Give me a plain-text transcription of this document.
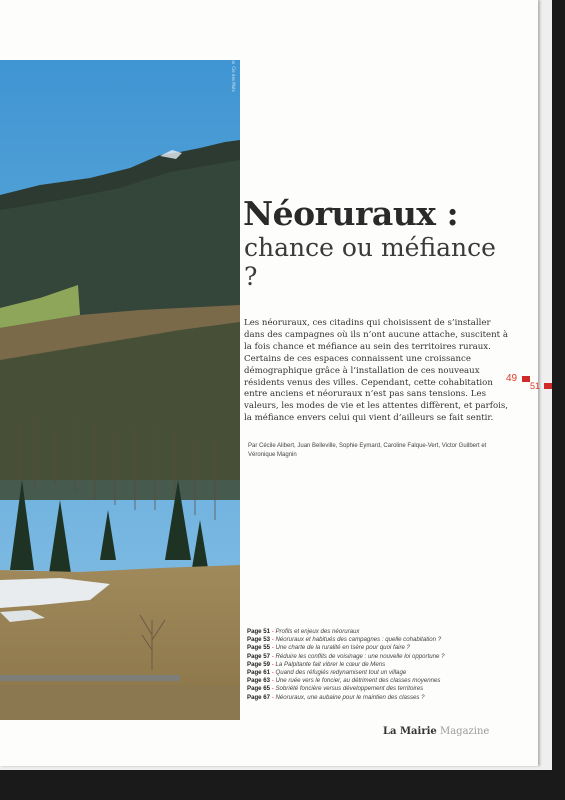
© Cie des Mots
Néoruraux :
chance ou méfiance ?

Les néoruraux, ces citadins qui choisissent de s’installer dans des campagnes où ils n’ont aucune attache, suscitent à la fois chance et méfiance au sein des territoires ruraux. Certains de ces espaces connaissent une croissance démographique grâce à l’installation de ces nouveaux résidents venus des villes. Cependant, cette cohabitation entre anciens et néoruraux n’est pas sans tensions. Les valeurs, les modes de vie et les attentes diffèrent, et parfois, la méfiance envers celui qui vient d’ailleurs se fait sentir.

Par Cécile Alibert, Juan Belleville, Sophie Eymard, Caroline Falque-Vert, Victor Guilbert et Véronique Magnin

Page 51 - Profils et enjeux des néoruraux
Page 53 - Néoruraux et habitués des campagnes : quelle cohabitation ?
Page 55 - Une charte de la ruralité en Isère pour quoi faire ?
Page 57 - Réduire les conflits de voisinage : une nouvelle loi opportune ?
Page 59 - La Palpitante fait vibrer le cœur de Mens
Page 61 - Quand des réfugiés redynamisent tout un village
Page 63 - Une ruée vers le foncier, au détriment des classes moyennes
Page 65 - Sobriété foncière versus développement des territoires
Page 67 - Néoruraux, une aubaine pour le maintien des classes ?
La Mairie Magazine
49
51
